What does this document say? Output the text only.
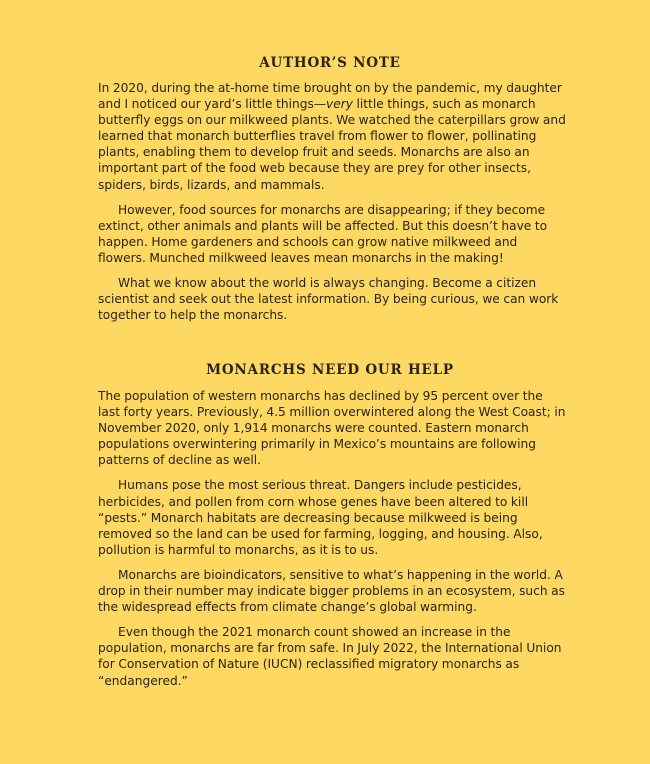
AUTHOR’S NOTE

In 2020, during the at-home time brought on by the pandemic, my daughter and I noticed our yard’s little things—very little things, such as monarch butterfly eggs on our milkweed plants. We watched the caterpillars grow and learned that monarch butterflies travel from flower to flower, pollinating plants, enabling them to develop fruit and seeds. Monarchs are also an important part of the food web because they are prey for other insects, spiders, birds, lizards, and mammals.

However, food sources for monarchs are disappearing; if they become extinct, other animals and plants will be affected. But this doesn’t have to happen. Home gardeners and schools can grow native milkweed and flowers. Munched milkweed leaves mean monarchs in the making!

What we know about the world is always changing. Become a citizen scientist and seek out the latest information. By being curious, we can work together to help the monarchs.

MONARCHS NEED OUR HELP

The population of western monarchs has declined by 95 percent over the last forty years. Previously, 4.5 million overwintered along the West Coast; in November 2020, only 1,914 monarchs were counted. Eastern monarch populations overwintering primarily in Mexico’s mountains are following patterns of decline as well.

Humans pose the most serious threat. Dangers include pesticides, herbicides, and pollen from corn whose genes have been altered to kill “pests.” Monarch habitats are decreasing because milkweed is being removed so the land can be used for farming, logging, and housing. Also, pollution is harmful to monarchs, as it is to us.

Monarchs are bioindicators, sensitive to what’s happening in the world. A drop in their number may indicate bigger problems in an ecosystem, such as the widespread effects from climate change’s global warming.

Even though the 2021 monarch count showed an increase in the population, monarchs are far from safe. In July 2022, the International Union for Conservation of Nature (IUCN) reclassified migratory monarchs as “endangered.”
